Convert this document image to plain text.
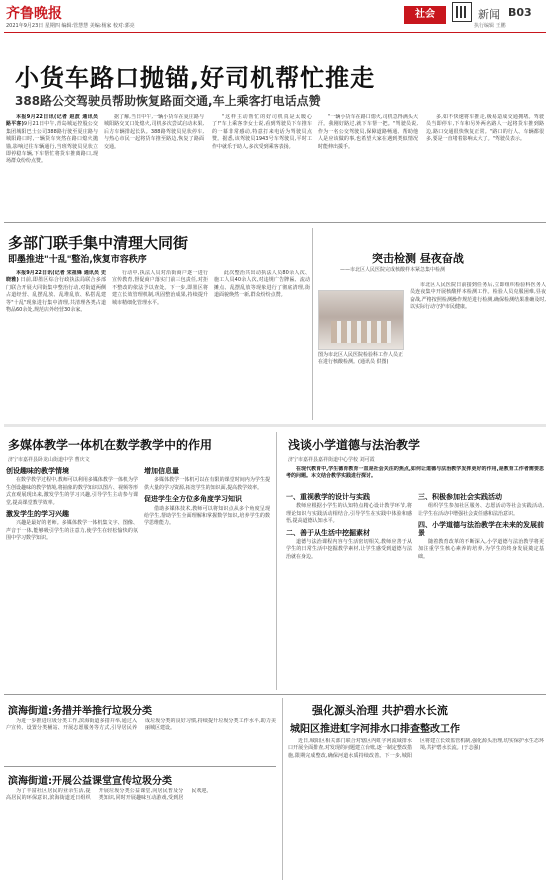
齐鲁晚报
2021年9月23日 星期四 编辑:管慧慧 美编:杨家 校对:郭亮
社会	新闻 B03
执行编辑 王鹏
小货车路口抛锚,好司机帮忙推走
388路公交驾驶员帮助恢复路面交通,车上乘客打电话点赞

本报9月22日讯(记者 赵波 通讯员 路平客)9月21日中午,青岛城运控股公交集团城阳巴士公司388路行驶至夏庄路与城阳路口时,一辆货车突然在路口熄火抛锚,影响过往车辆通行,当班驾驶员见状立即停稳车辆,下车帮忙将货车推离路口,现场群众纷纷点赞。

据了解,当日中午,一辆小货车在夏庄路与城阳路交叉口处熄火,司机多次尝试启动未果,后方车辆排起长队。388路驾驶员见状停车,与热心市民一起将货车推至路边,恢复了路面交通。

"这样主动帮忙的好司机真是太暖心了!"车上乘客李女士说,看到驾驶员下车推车的一幕非常感动,特意打来电话为驾驶员点赞。据悉,该驾驶员1943号车驾驶员,平时工作中就乐于助人,多次受到乘客表扬。

"一辆小货车在路口熄火,司机急得满头大汗。我刚好路过,就下车帮一把。"驾驶员说,作为一名公交驾驶员,保障道路畅通、帮助他人是应该做的事,也希望大家在遇到类似情况时能伸出援手。

多,如不快速将车推走,极易造成交通拥堵。驾驶员当即停车,下车和另外两名路人一起将货车推到路边,路口交通很快恢复正常。"路口的行人、车辆都很多,要是一直堵着影响太大了。"驾驶员表示。

多部门联手集中清理大同街
即墨推进"十乱"整治,恢复市容秩序

本报9月22日讯(记者 宋祖锋 通讯员 史晓雅) 日前,即墨区综合行政执法局联合多部门联合开展大同街集中整治行动,对街道两侧占道经营、乱摆乱放、乱堆乱放、私搭乱建等"十乱"现象进行集中清理,共清理各类占道物品60余处,规范店外经营30余家。

行动中,执法人员对沿街商户逐一进行宣传教育,督促商户落实门前三包责任,对拒不整改的依法予以查处。下一步,即墨区将建立长效管理机制,巩固整治成果,持续提升城市精细化管理水平。

此次整治共出动执法人员80余人次、施工人员40余人次,对违规广告牌匾、流动摊点、乱摆乱放等现象进行了彻底清理,街道面貌焕然一新,群众纷纷点赞。

突击检测 昼夜奋战
——市北区人民医院完成核酸样本紧急集中检测
图为市北区人民医院检验科工作人员正在进行核酸检测。(通讯员 供图)

市北区人民医院日前接到任务后,立即组织检验科医务人员连夜集中开展核酸样本检测工作。检验人员克服困难,昼夜奋战,严格按照检测操作规范进行检测,确保检测结果准确及时,以实际行动守护市民健康。

多媒体教学一体机在数学教学中的作用
济宁市嘉祥县卧龙山街道中学 曹庆文
创设趣味的教学情境

在数学教学过程中,教师可以利用多媒体教学一体机为学生创设趣味的教学情境,将抽象的数学知识以图片、视频等形式直观展现出来,激发学生的学习兴趣,引导学生主动参与课堂,提高课堂教学效率。

激发学生的学习兴趣

兴趣是最好的老师。多媒体教学一体机集文字、图像、声音于一体,能够吸引学生的注意力,使学生在轻松愉快的氛围中学习数学知识。

增加信息量

多媒体教学一体机可以在有限的课堂时间内为学生提供大量的学习资源,拓宽学生的知识面,提高教学效率。

促进学生全方位多角度学习知识

借助多媒体技术,教师可以将知识点从多个角度呈现给学生,帮助学生全面理解和掌握数学知识,培养学生的数学思维能力。

浅谈小学道德与法治教学
济宁市嘉祥县嘉祥街道中心学校 刘可霞

在现代教育中,学生德育教育一直是社会关注的焦点,如何让道德与法治教学发挥更好的作用,是教育工作者需要思考的问题。本文结合教学实践进行探讨。

一、重视教学的设计与实践

教师应根据小学生的认知特点精心设计教学环节,将理论知识与实践活动相结合,引导学生在实践中体验和感悟,提高道德认知水平。

二、善于从生活中挖掘素材

道德与法治课程内容与生活密切相关,教师应善于从学生的日常生活中挖掘教学素材,让学生感受到道德与法治就在身边。

三、积极参加社会实践活动

组织学生参加社区服务、志愿活动等社会实践活动,让学生在活动中增强社会责任感和法治意识。

四、小学道德与法治教学在未来的发展前景

随着教育改革的不断深入,小学道德与法治教学将更加注重学生核心素养的培养,为学生的终身发展奠定基础。

滨海街道:务措并举推行垃圾分类

为进一步推进垃圾分类工作,滨海街道多措并举,通过入户宣传、设置分类桶站、开展志愿服务等方式,引导居民养成垃圾分类的良好习惯,持续提升垃圾分类工作水平,助力美丽城区建设。

滨海街道:开展公益课堂宣传垃圾分类

为了丰富社区居民的业余生活,提高居民的环保意识,滨海街道近日组织开展垃圾分类公益课堂,向居民普及分类知识,同时开展趣味互动游戏,受到居民欢迎。

强化源头治理 共护碧水长流
城阳区推进虹字河排水口排查整改工作

近日,城阳区相关部门联合对辖区内虹字河流域排水口开展全面排查,对发现的问题建立台账,逐一制定整改措施,限期完成整改,确保河道水质持续改善。下一步,城阳区将建立长效监管机制,强化源头治理,切实保护水生态环境,共护碧水长流。(于志强)
